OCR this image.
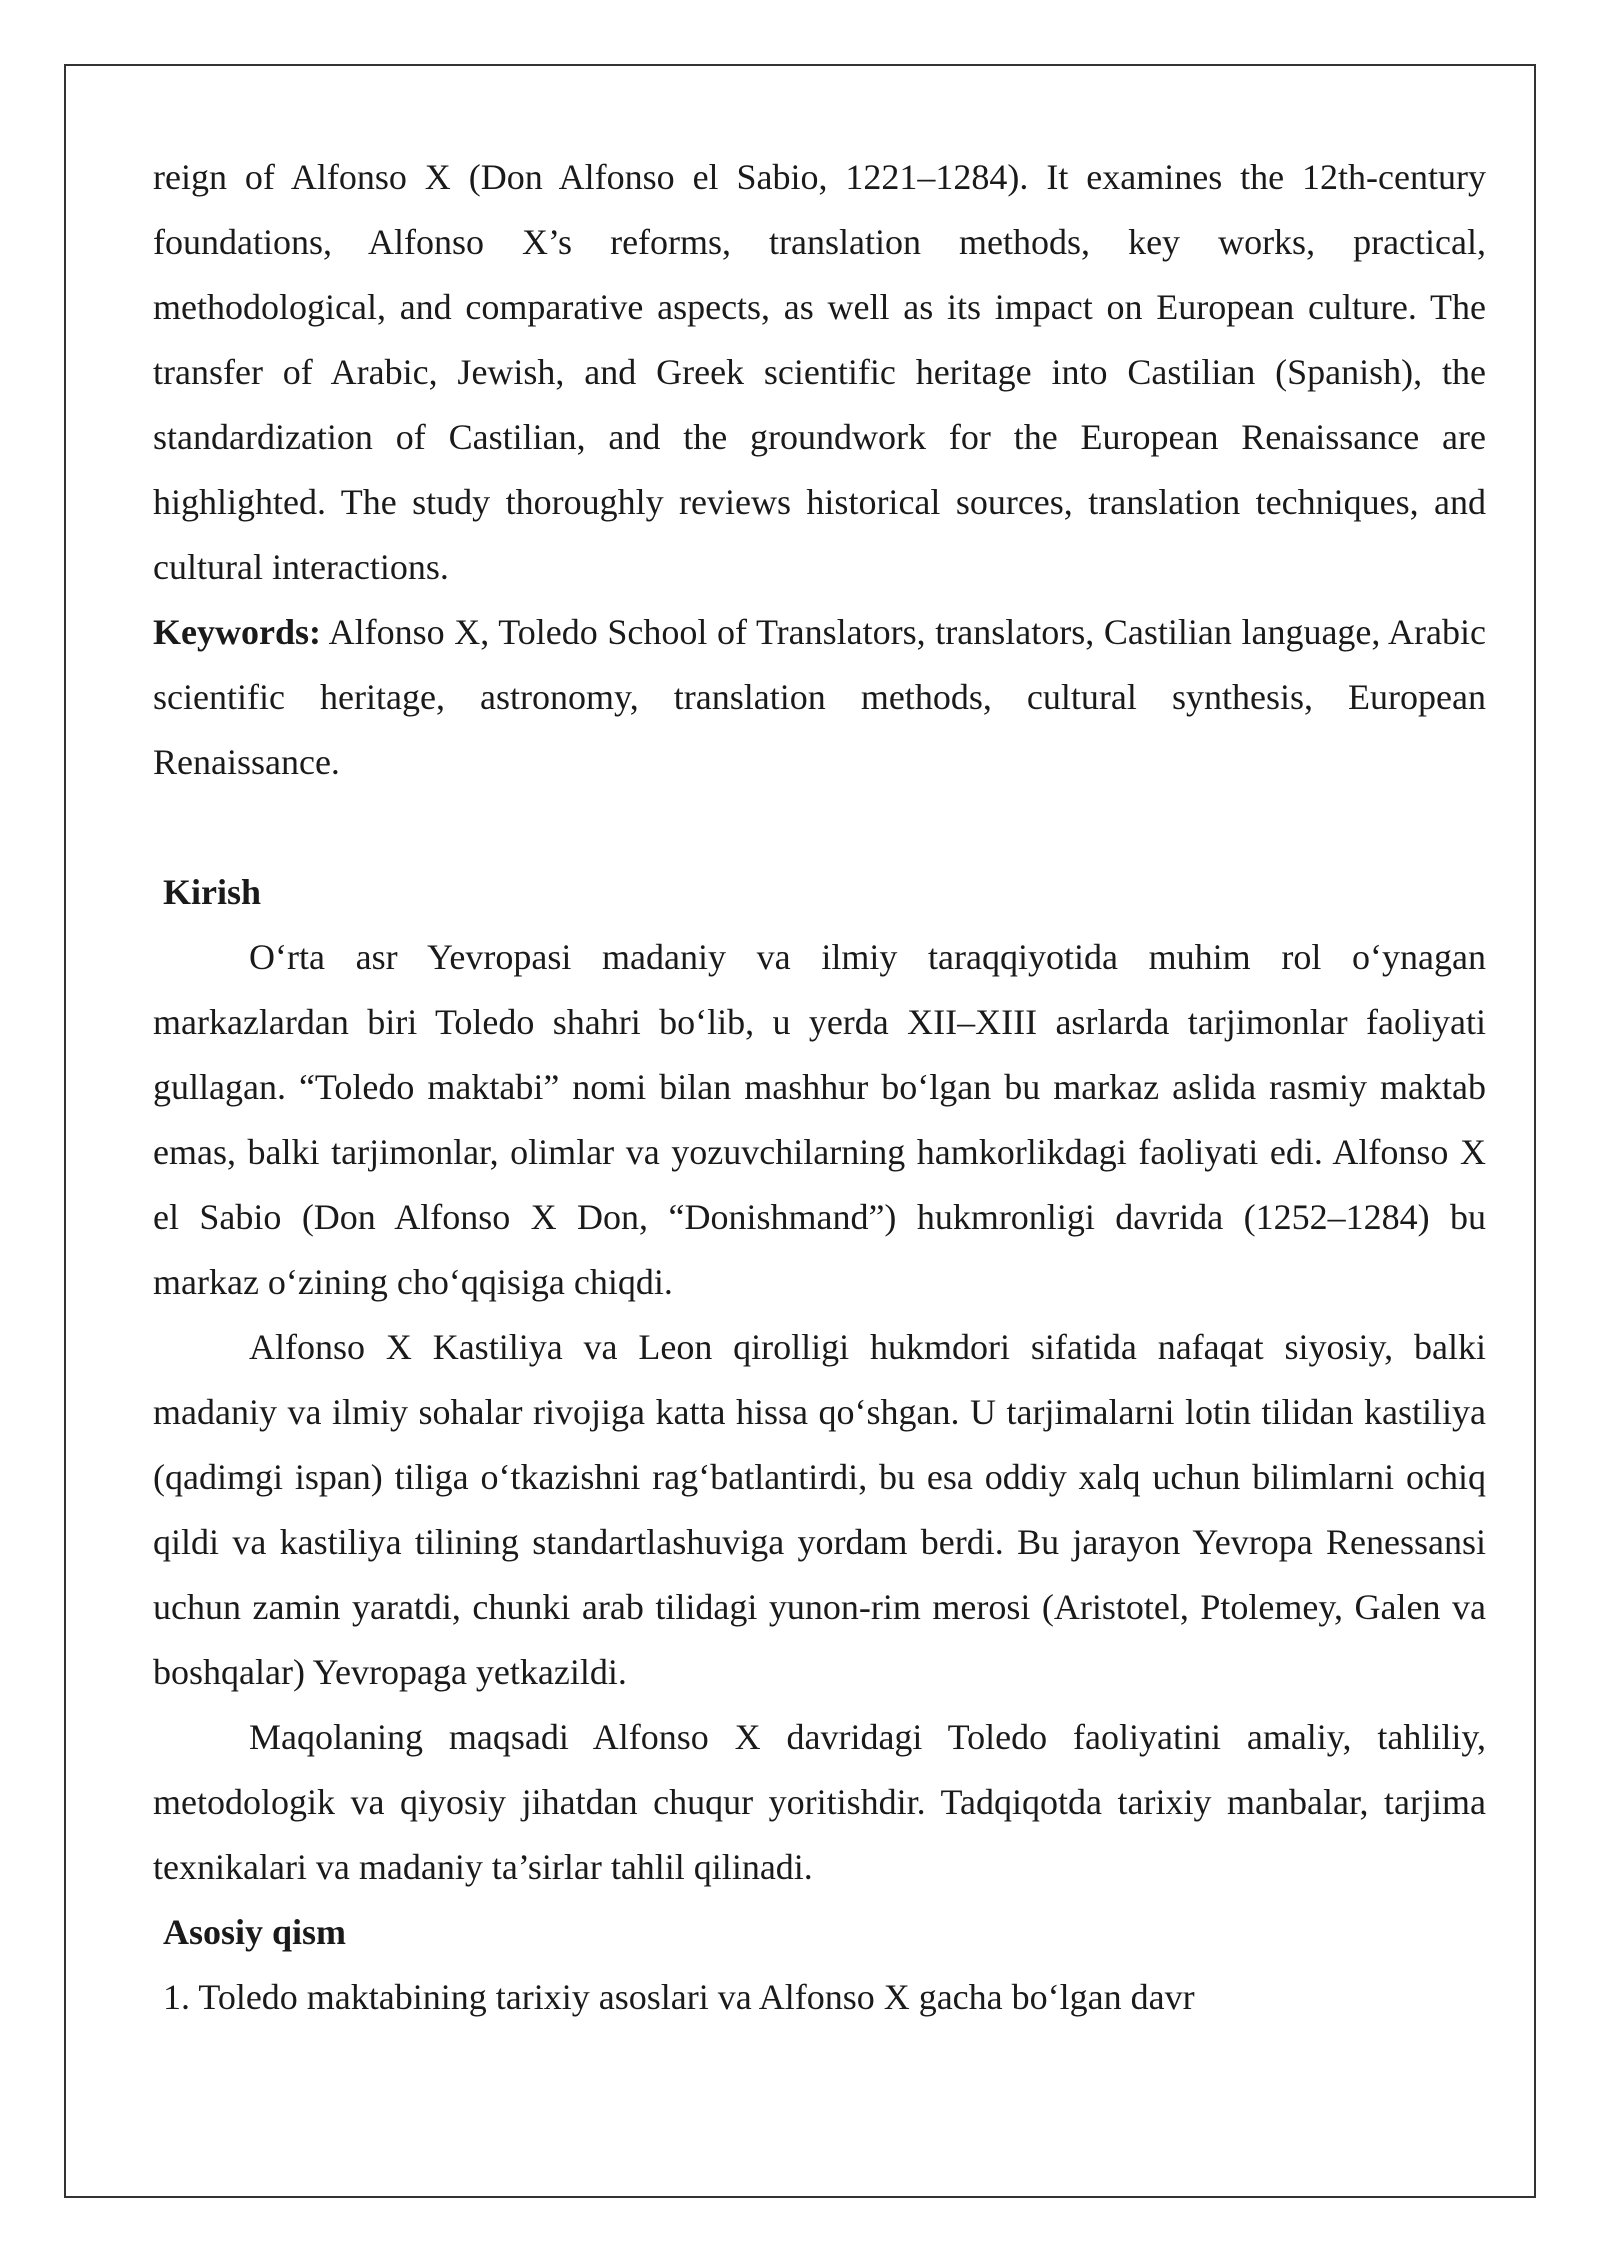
reign of Alfonso X (Don Alfonso el Sabio, 1221–1284). It examines the 12th-century foundations, Alfonso X’s reforms, translation methods, key works, practical, methodological, and comparative aspects, as well as its impact on European culture. The transfer of Arabic, Jewish, and Greek scientific heritage into Castilian (Spanish), the standardization of Castilian, and the groundwork for the European Renaissance are highlighted. The study thoroughly reviews historical sources, translation techniques, and cultural interactions.

Keywords: Alfonso X, Toledo School of Translators, translators, Castilian language, Arabic scientific heritage, astronomy, translation methods, cultural synthesis, European Renaissance.

Kirish

O‘rta asr Yevropasi madaniy va ilmiy taraqqiyotida muhim rol o‘ynagan markazlardan biri Toledo shahri bo‘lib, u yerda XII–XIII asrlarda tarjimonlar faoliyati gullagan. “Toledo maktabi” nomi bilan mashhur bo‘lgan bu markaz aslida rasmiy maktab emas, balki tarjimonlar, olimlar va yozuvchilarning hamkorlikdagi faoliyati edi. Alfonso X el Sabio (Don Alfonso X Don, “Donishmand”) hukmronligi davrida (1252–1284) bu markaz o‘zining cho‘qqisiga chiqdi.

Alfonso X Kastiliya va Leon qirolligi hukmdori sifatida nafaqat siyosiy, balki madaniy va ilmiy sohalar rivojiga katta hissa qo‘shgan. U tarjimalarni lotin tilidan kastiliya (qadimgi ispan) tiliga o‘tkazishni rag‘batlantirdi, bu esa oddiy xalq uchun bilimlarni ochiq qildi va kastiliya tilining standartlashuviga yordam berdi. Bu jarayon Yevropa Renessansi uchun zamin yaratdi, chunki arab tilidagi yunon-rim merosi (Aristotel, Ptolemey, Galen va boshqalar) Yevropaga yetkazildi.

Maqolaning maqsadi Alfonso X davridagi Toledo faoliyatini amaliy, tahliliy, metodologik va qiyosiy jihatdan chuqur yoritishdir. Tadqiqotda tarixiy manbalar, tarjima texnikalari va madaniy ta’sirlar tahlil qilinadi.

Asosiy qism

1. Toledo maktabining tarixiy asoslari va Alfonso X gacha bo‘lgan davr
